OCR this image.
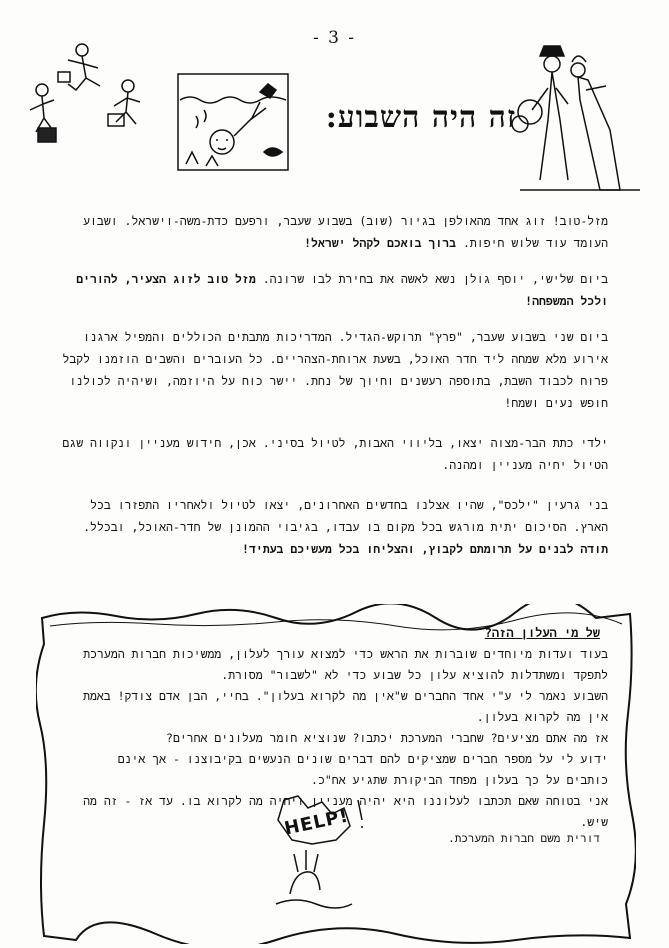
- 3 -
זה היה השבוע:
מזל-טוב! זוג אחד מהאולפן בגיור (שוב) בשבוע שעבר, ורפעם כדת-משה-וישראל. ושבוע העומד עוד שלוש חיפות. ברוך בואכם לקהל ישראל!
ביום שלישי, יוסף גולן נשא לאשה את בחירת לבו שרונה. מזל טוב לזוג הצעיר, להורים ולכל המשפחה!
ביום שני בשבוע שעבר, "פרץ" תרוקש-הגדיל. המדריכות מתבתים הכוללים והמפיל ארגנו אירוע מלא שמחה ליד חדר האוכל, בשעת ארוחת-הצהריים. כל העוברים והשבים הוזמנו לקבל פרוח לכבוד השבת, בתוספה רעשנים וחיוך של נחת. יישר כוח על היוזמה, ושיהיה לכולנו חופש נעים ושמח!
ילדי כתת הבר-מצוה יצאו, בליווי האבות, לטיול בסיני. אכן, חידוש מעניין ונקווה שגם הטיול יחיה מעניין ומהנה.
בני גרעין "ילכס", שהיו אצלנו בחדשים האחרונים, יצאו לטיול ולאחריו התפזרו בכל הארץ. הסיכום יתית מורגש בכל מקום בו עבדו, בגיבוי ההמונן של חדר-האוכל, ובכלל. תודה לבנים על תרומתם לקבוץ, והצליחו בכל מעשיכם בעתיד!
של מי העלון הזה?
בעוד ועדות מיוחדים שוברות את הראש כדי למצוא עורך לעלון, ממשיכות חברות המערכת
לתפקד ומשתדלות להוציא עלון כל שבוע כדי לא "לשבור" מסורת.
השבוע נאמר לי ע"י אחד החברים ש"אין מה לקרוא בעלון". בחיי, הבן אדם צודק! באמת
אין מה לקרוא בעלון.
אז מה אתם מציעים? שחברי המערכת יכתבו? שנוציא חומר מעלונים אחרים?
ידוע לי על מספר חברים שמציקים להם דברים שונים הנעשים בקיבוצנו - אך אינם
כותבים על כך בעלון מפחד הביקורת שתגיע אח"כ.
אני בטוחה שאם תכתבו לעלוננו היא יהיה מעניין ויהיה מה לקרוא בו. עד אז - זה מה
שיש.
דורית משם חברות המערכת.
HELP!
